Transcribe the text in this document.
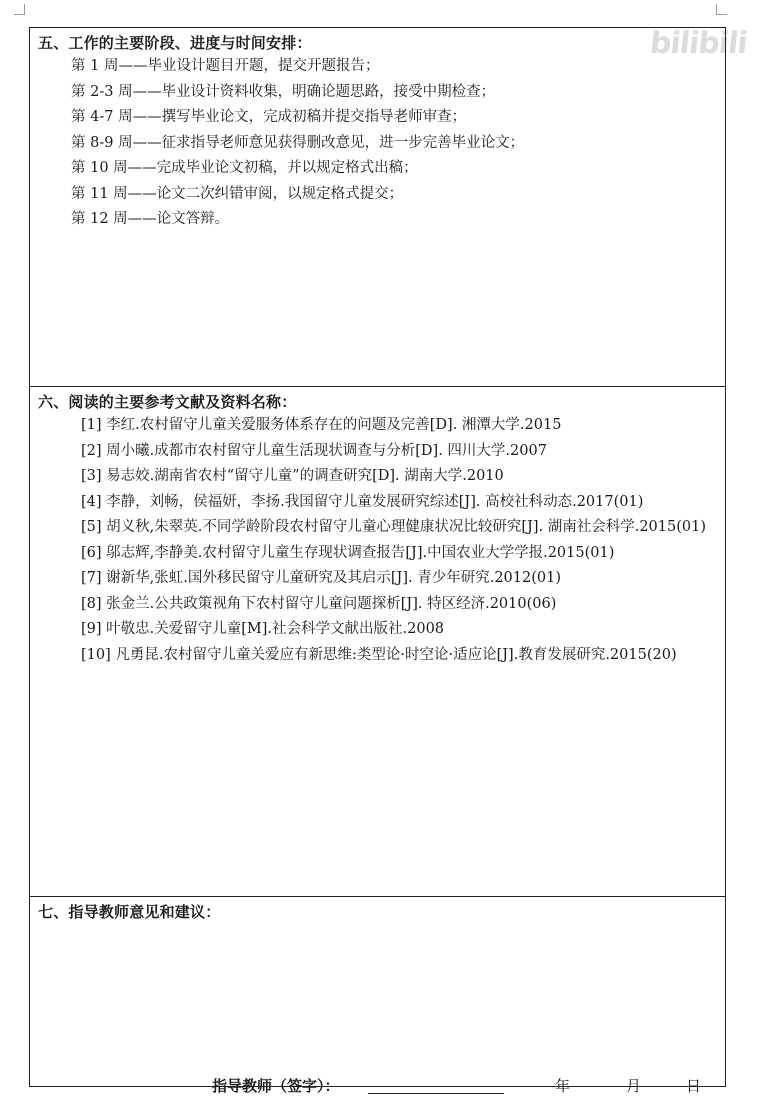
bilibili
五、工作的主要阶段、进度与时间安排：
第 1 周——毕业设计题目开题，提交开题报告；
第 2-3 周——毕业设计资料收集，明确论题思路，接受中期检查；
第 4-7 周——撰写毕业论文，完成初稿并提交指导老师审查；
第 8-9 周——征求指导老师意见获得删改意见，进一步完善毕业论文；
第 10 周——完成毕业论文初稿，并以规定格式出稿；
第 11 周——论文二次纠错审阅，以规定格式提交；
第 12 周——论文答辩。
六、阅读的主要参考文献及资料名称：
[1] 李红.农村留守儿童关爱服务体系存在的问题及完善[D]. 湘潭大学.2015
[2] 周小曦.成都市农村留守儿童生活现状调查与分析[D]. 四川大学.2007
[3] 易志姣.湖南省农村“留守儿童”的调查研究[D]. 湖南大学.2010
[4] 李静，刘畅，侯福妍，李扬.我国留守儿童发展研究综述[J]. 高校社科动态.2017(01)
[5] 胡义秋,朱翠英.不同学龄阶段农村留守儿童心理健康状况比较研究[J]. 湖南社会科学.2015(01)
[6] 邬志辉,李静美.农村留守儿童生存现状调查报告[J].中国农业大学学报.2015(01)
[7] 谢新华,张虹.国外移民留守儿童研究及其启示[J]. 青少年研究.2012(01)
[8] 张金兰.公共政策视角下农村留守儿童问题探析[J]. 特区经济.2010(06)
[9] 叶敬忠.关爱留守儿童[M].社会科学文献出版社.2008
[10] 凡勇昆.农村留守儿童关爱应有新思维:类型论·时空论·适应论[J].教育发展研究.2015(20)
七、指导教师意见和建议：
指导教师（签字）：	年	月	日
